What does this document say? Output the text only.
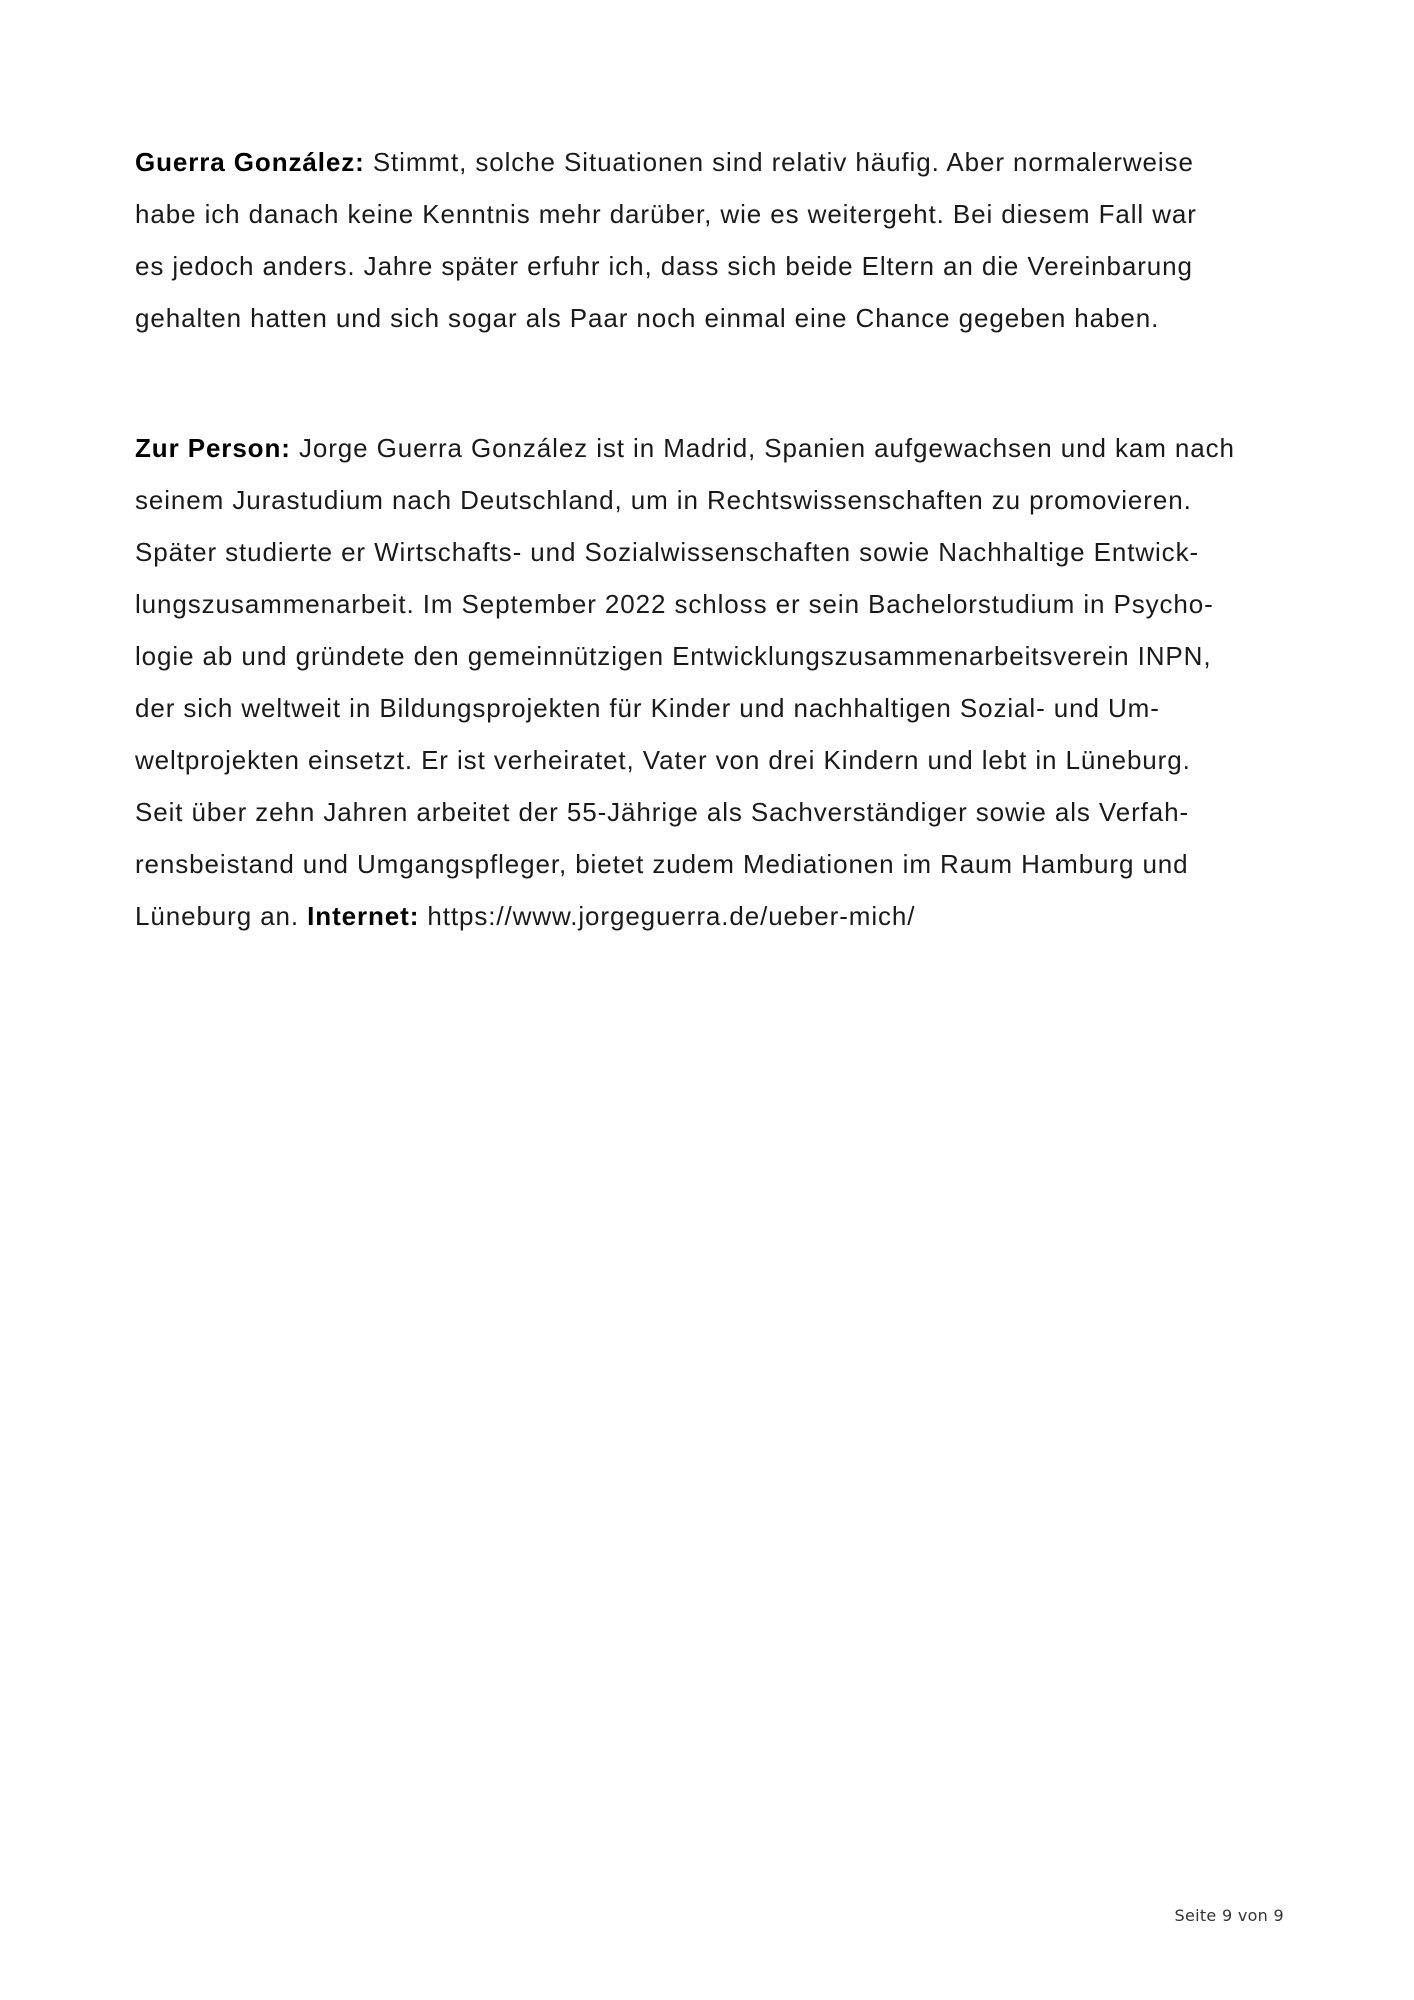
Guerra González: Stimmt, solche Situationen sind relativ häufig. Aber normalerweise
habe ich danach keine Kenntnis mehr darüber, wie es weitergeht. Bei diesem Fall war
es jedoch anders. Jahre später erfuhr ich, dass sich beide Eltern an die Vereinbarung
gehalten hatten und sich sogar als Paar noch einmal eine Chance gegeben haben.

Zur Person: Jorge Guerra González ist in Madrid, Spanien aufgewachsen und kam nach
seinem Jurastudium nach Deutschland, um in Rechtswissenschaften zu promovieren.
Später studierte er Wirtschafts- und Sozialwissenschaften sowie Nachhaltige Entwick-
lungszusammenarbeit. Im September 2022 schloss er sein Bachelorstudium in Psycho-
logie ab und gründete den gemeinnützigen Entwicklungszusammenarbeitsverein INPN,
der sich weltweit in Bildungsprojekten für Kinder und nachhaltigen Sozial- und Um-
weltprojekten einsetzt. Er ist verheiratet, Vater von drei Kindern und lebt in Lüneburg.
Seit über zehn Jahren arbeitet der 55-Jährige als Sachverständiger sowie als Verfah-
rensbeistand und Umgangspfleger, bietet zudem Mediationen im Raum Hamburg und
Lüneburg an. Internet: https://www.jorgeguerra.de/ueber-mich/

Seite 9 von 9
